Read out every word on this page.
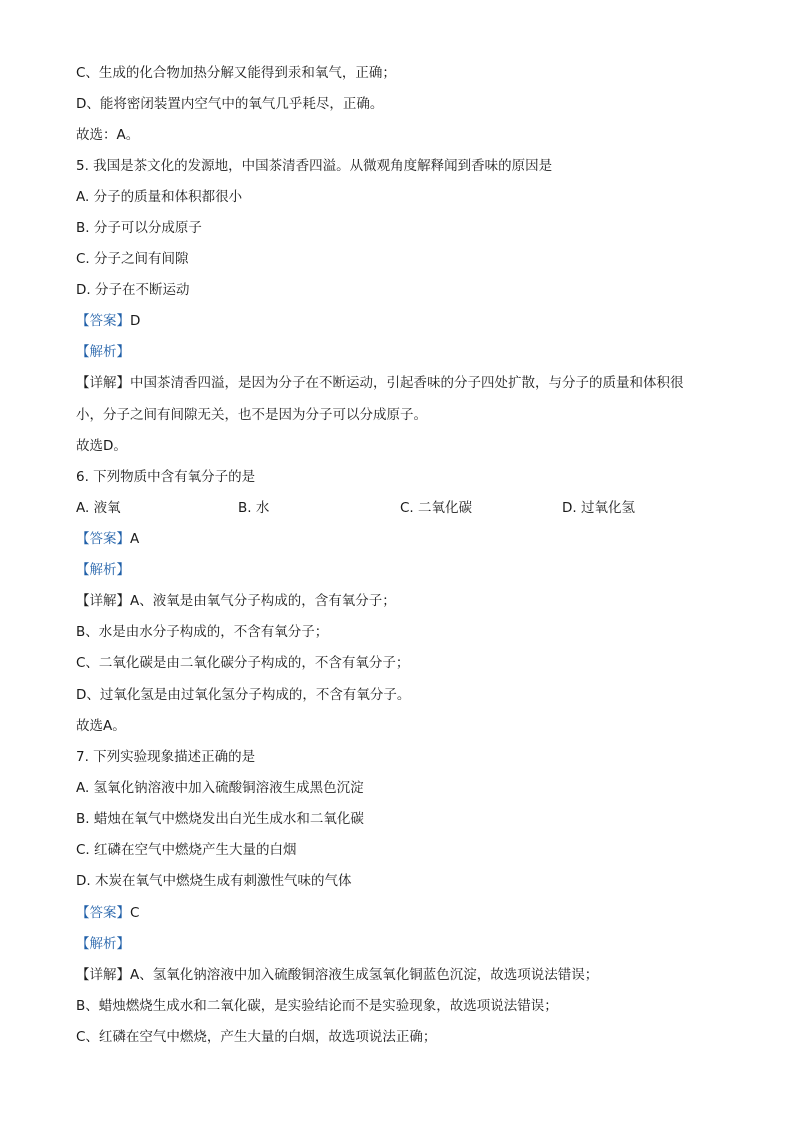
C、生成的化合物加热分解又能得到汞和氧气，正确；
D、能将密闭装置内空气中的氧气几乎耗尽，正确。
故选：A。
5. 我国是茶文化的发源地，中国茶清香四溢。从微观角度解释闻到香味的原因是
A. 分子的质量和体积都很小
B. 分子可以分成原子
C. 分子之间有间隙
D. 分子在不断运动
【答案】D
【解析】
【详解】中国茶清香四溢，是因为分子在不断运动，引起香味的分子四处扩散，与分子的质量和体积很
小，分子之间有间隙无关，也不是因为分子可以分成原子。
故选D。
6. 下列物质中含有氧分子的是
A. 液氧	B. 水	C. 二氧化碳	D. 过氧化氢
【答案】A
【解析】
【详解】A、液氧是由氧气分子构成的，含有氧分子；
B、水是由水分子构成的，不含有氧分子；
C、二氧化碳是由二氧化碳分子构成的，不含有氧分子；
D、过氧化氢是由过氧化氢分子构成的，不含有氧分子。
故选A。
7. 下列实验现象描述正确的是
A. 氢氧化钠溶液中加入硫酸铜溶液生成黑色沉淀
B. 蜡烛在氧气中燃烧发出白光生成水和二氧化碳
C. 红磷在空气中燃烧产生大量的白烟
D. 木炭在氧气中燃烧生成有刺激性气味的气体
【答案】C
【解析】
【详解】A、氢氧化钠溶液中加入硫酸铜溶液生成氢氧化铜蓝色沉淀，故选项说法错误；
B、蜡烛燃烧生成水和二氧化碳，是实验结论而不是实验现象，故选项说法错误；
C、红磷在空气中燃烧，产生大量的白烟，故选项说法正确；
